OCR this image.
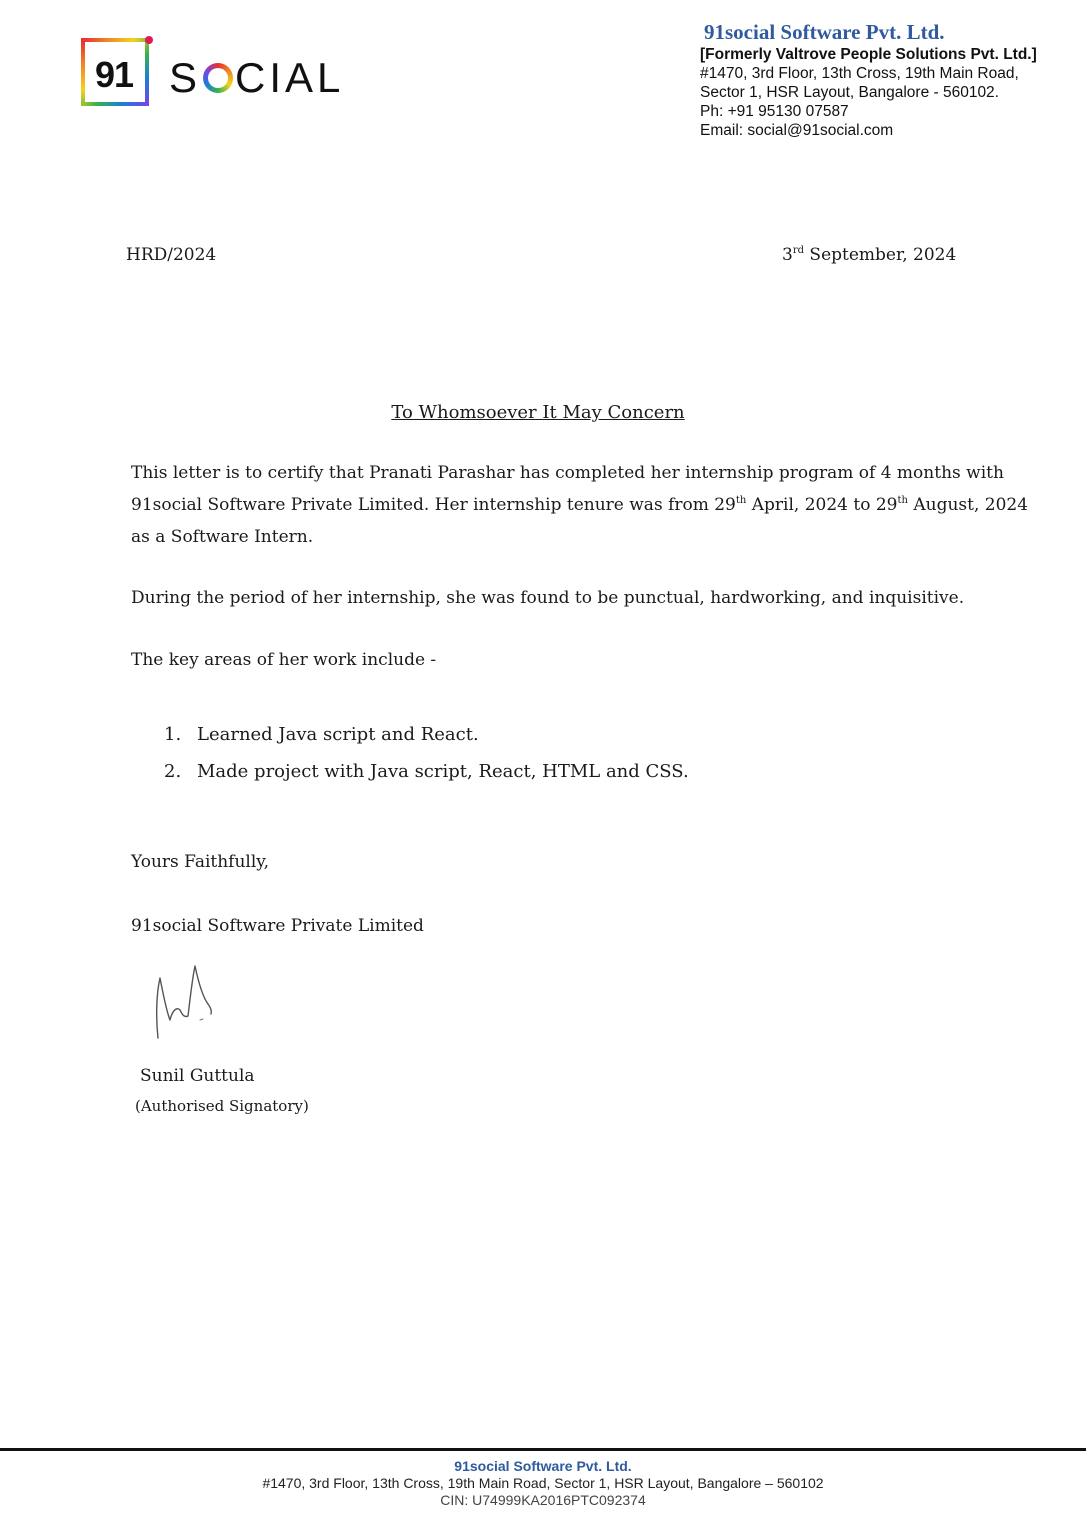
91 S CIAL
91social Software Pvt. Ltd.
[Formerly Valtrove People Solutions Pvt. Ltd.]
#1470, 3rd Floor, 13th Cross, 19th Main Road,
Sector 1, HSR Layout, Bangalore - 560102.
Ph: +91 95130 07587
Email: social@91social.com
HRD/2024	3rd September, 2024
To Whomsoever It May Concern
This letter is to certify that Pranati Parashar has completed her internship program of 4 months with 91social Software Private Limited. Her internship tenure was from 29th April, 2024 to 29th August, 2024 as a Software Intern.
During the period of her internship, she was found to be punctual, hardworking, and inquisitive.
The key areas of her work include -
1. Learned Java script and React.
2. Made project with Java script, React, HTML and CSS.
Yours Faithfully,
91social Software Private Limited
Sunil Guttula
(Authorised Signatory)
91social Software Pvt. Ltd.
#1470, 3rd Floor, 13th Cross, 19th Main Road, Sector 1, HSR Layout, Bangalore – 560102
CIN: U74999KA2016PTC092374
